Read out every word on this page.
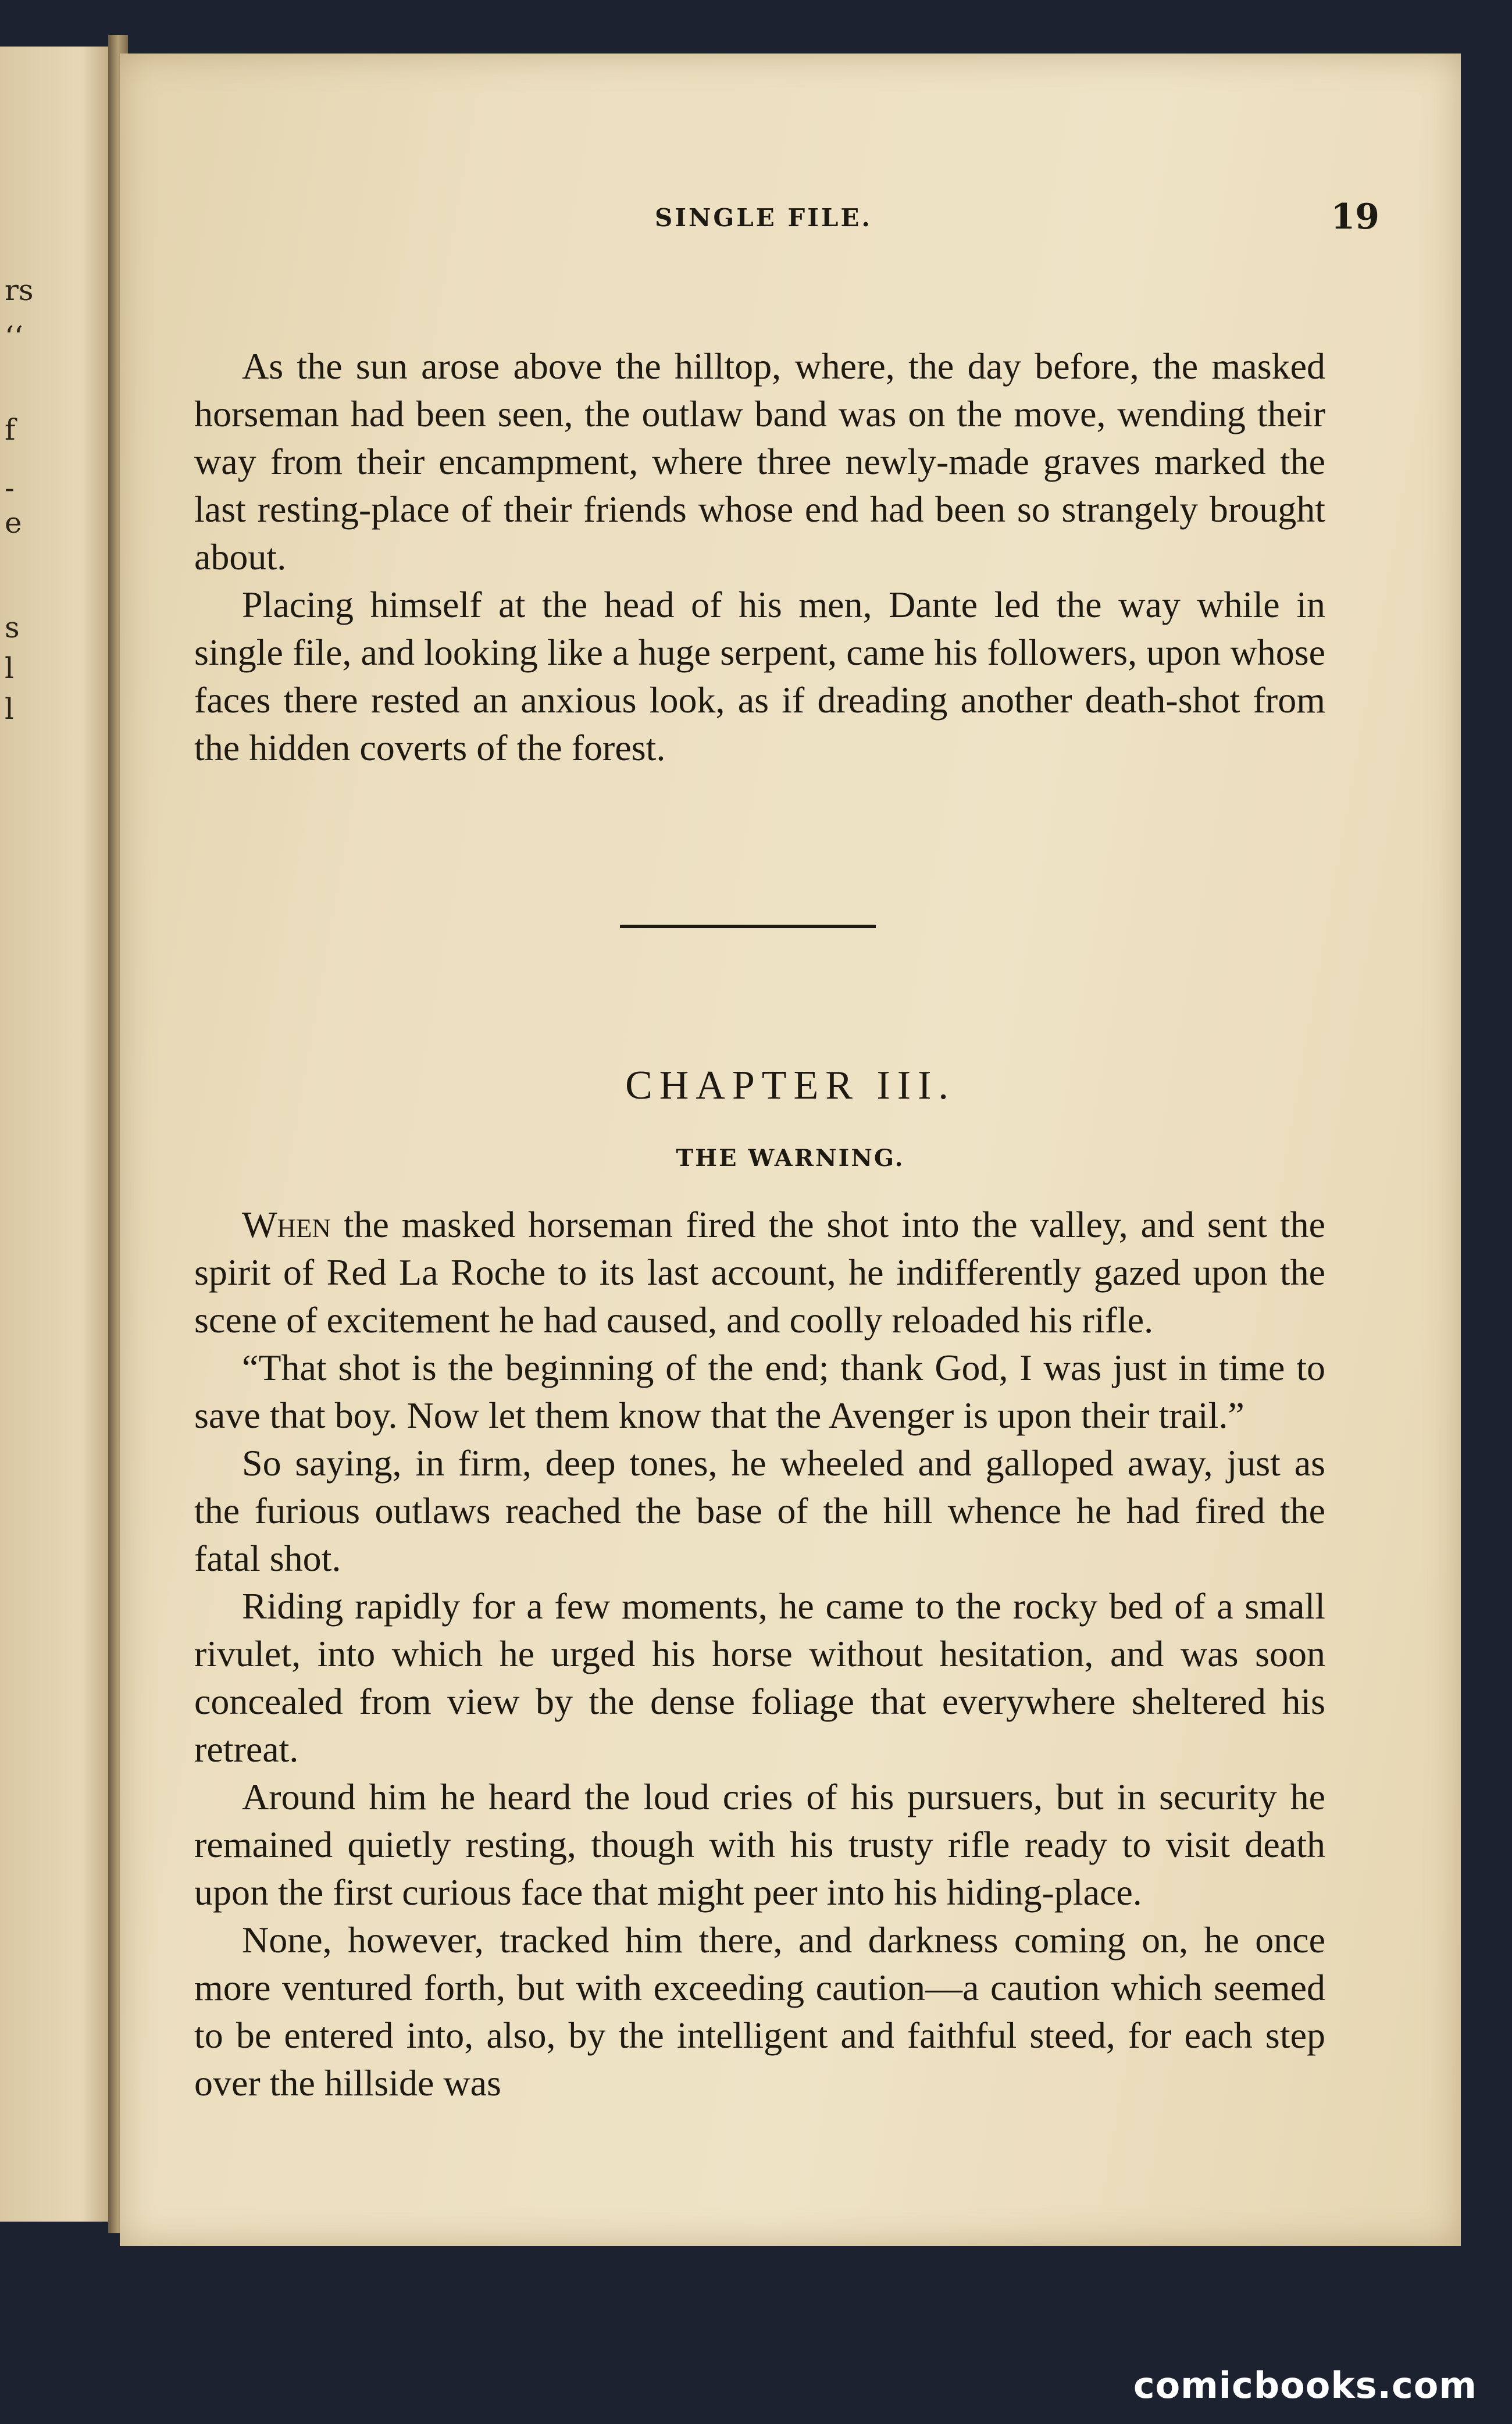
rs
ʻʻ
f
-
e
s
l
l
SINGLE FILE.	19

As the sun arose above the hilltop, where, the day before, the masked horseman had been seen, the outlaw band was on the move, wending their way from their encampment, where three newly-made graves marked the last resting-place of their friends whose end had been so strangely brought about.

Placing himself at the head of his men, Dante led the way while in single file, and looking like a huge serpent, came his followers, upon whose faces there rested an anxious look, as if dreading another death-shot from the hidden coverts of the forest.

CHAPTER III.
THE WARNING.

When the masked horseman fired the shot into the valley, and sent the spirit of Red La Roche to its last account, he indifferently gazed upon the scene of excitement he had caused, and coolly reloaded his rifle.

“That shot is the beginning of the end; thank God, I was just in time to save that boy. Now let them know that the Avenger is upon their trail.”

So saying, in firm, deep tones, he wheeled and galloped away, just as the furious outlaws reached the base of the hill whence he had fired the fatal shot.

Riding rapidly for a few moments, he came to the rocky bed of a small rivulet, into which he urged his horse without hesitation, and was soon concealed from view by the dense foliage that everywhere sheltered his retreat.

Around him he heard the loud cries of his pursuers, but in security he remained quietly resting, though with his trusty rifle ready to visit death upon the first curious face that might peer into his hiding-place.

None, however, tracked him there, and darkness coming on, he once more ventured forth, but with exceeding caution—a caution which seemed to be entered into, also, by the intelligent and faithful steed, for each step over the hillside was

comicbooks.com
